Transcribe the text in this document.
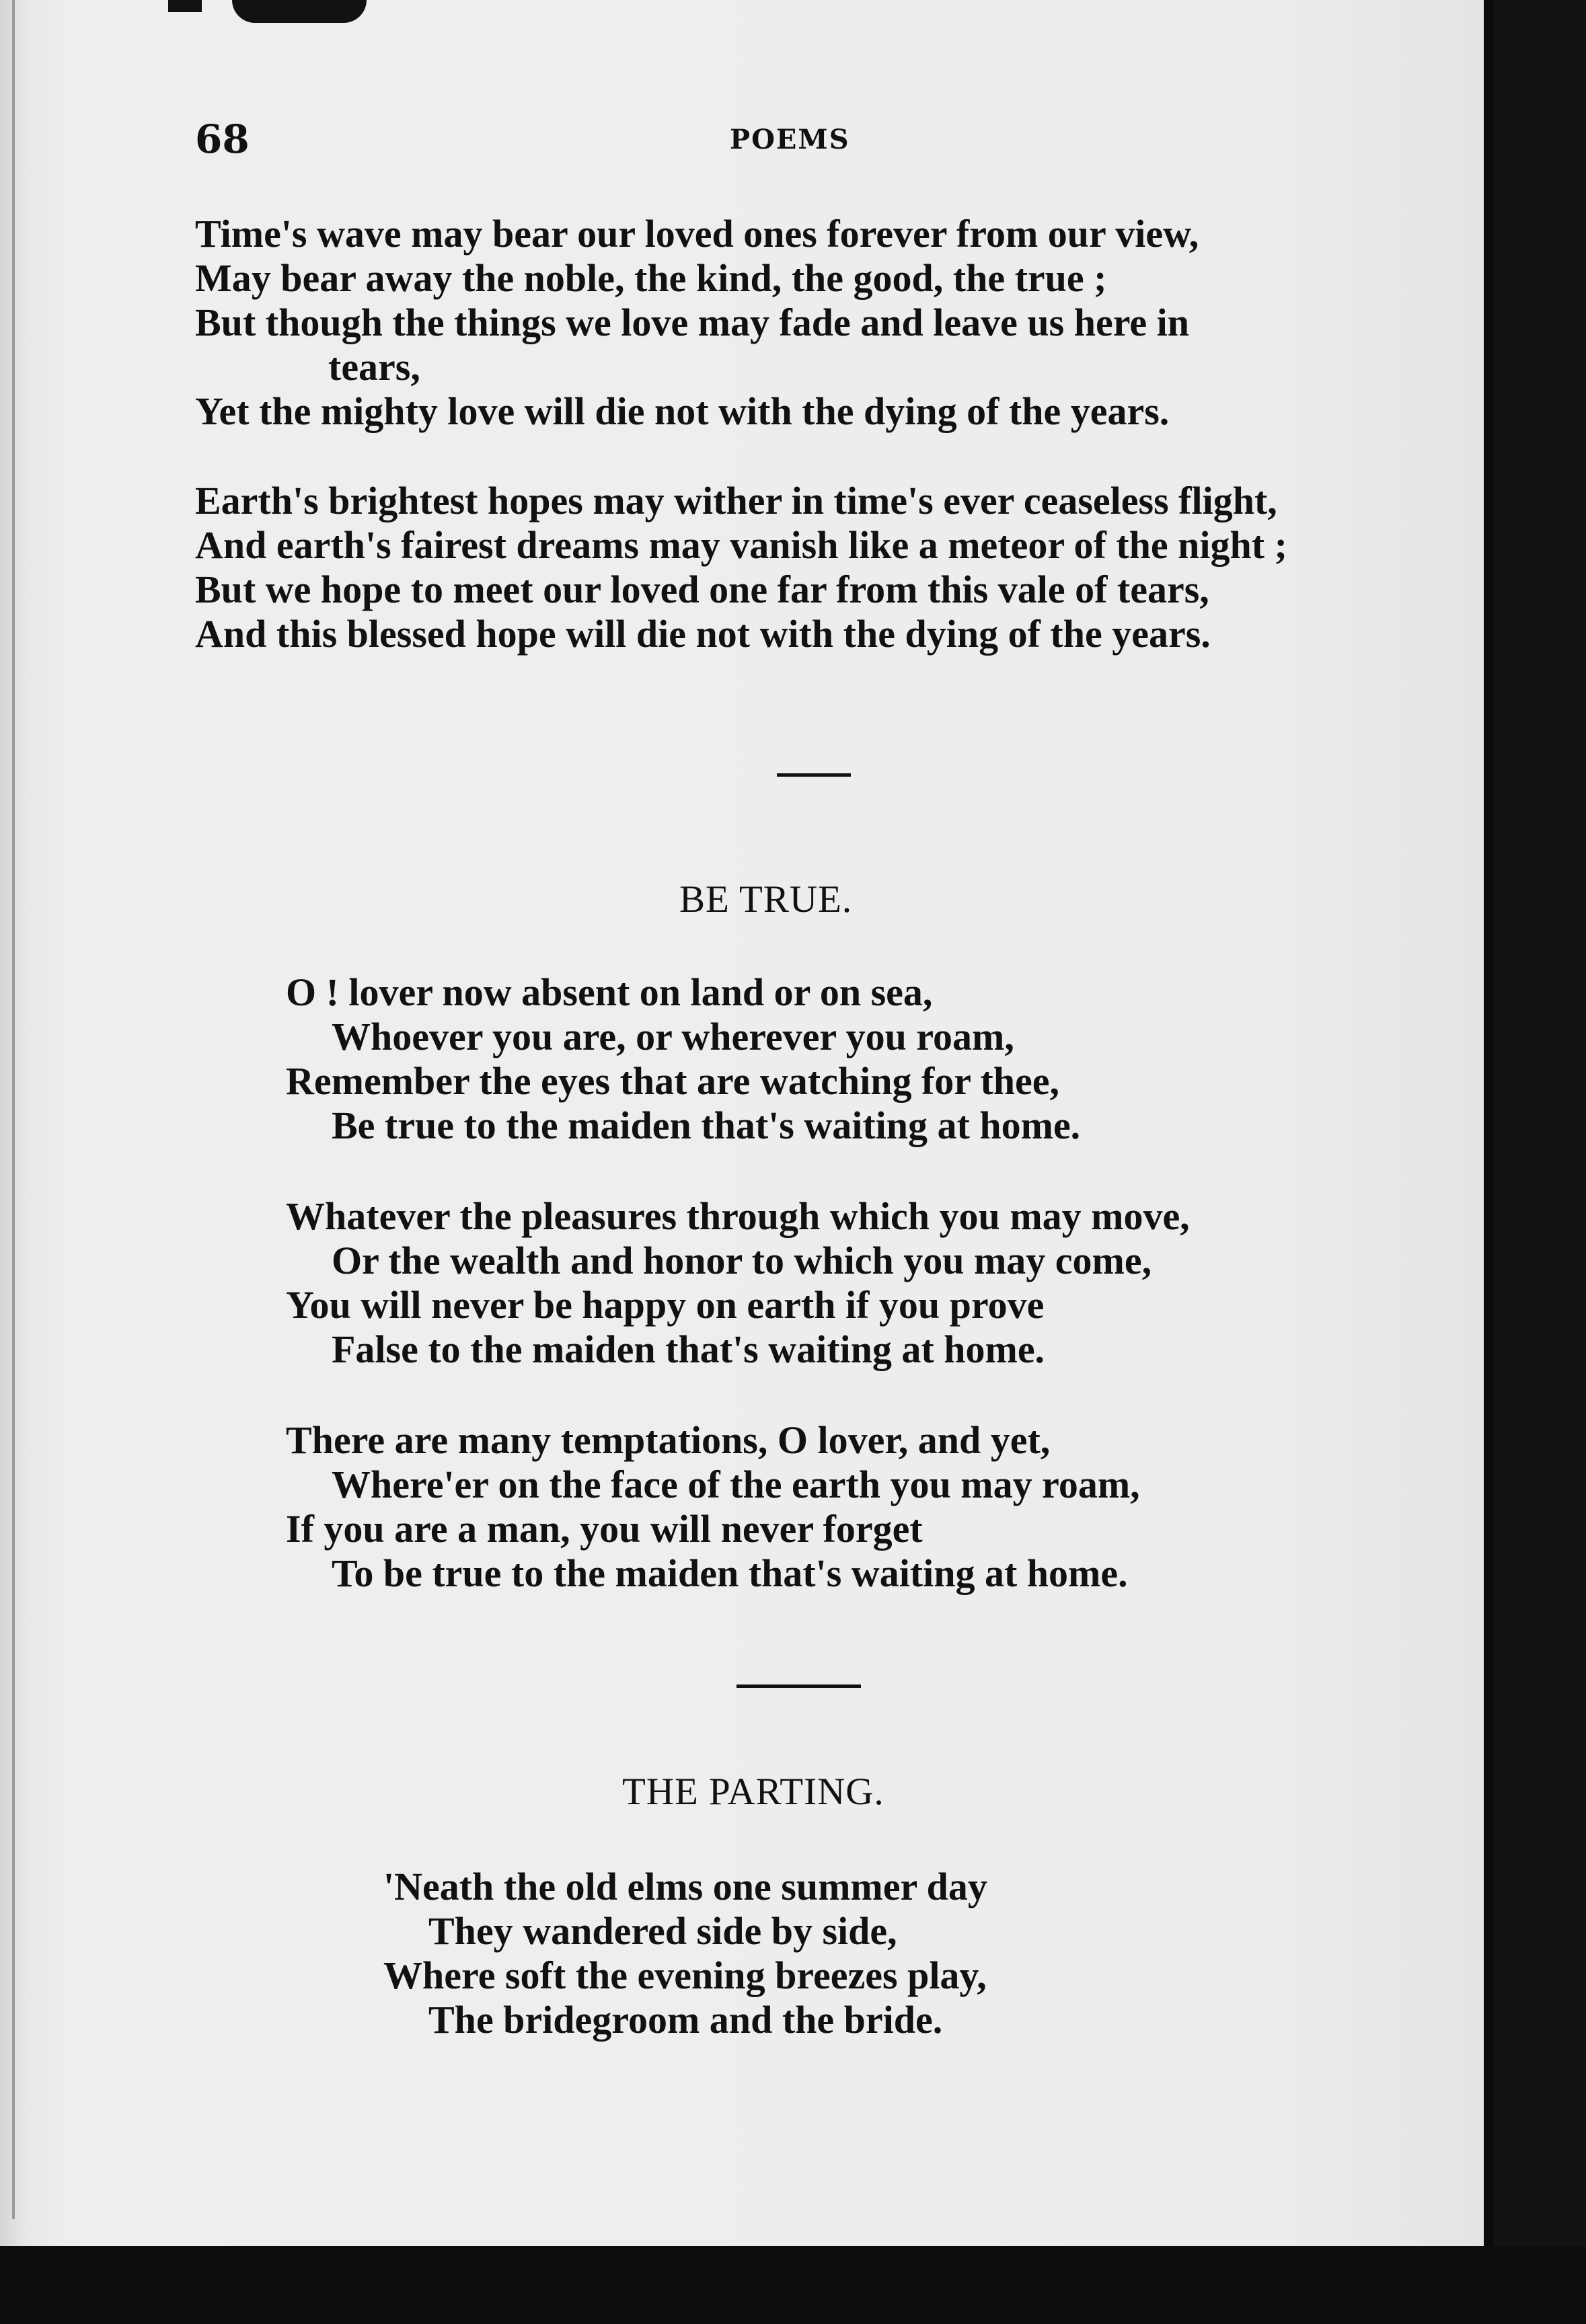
68	POEMS
Time's wave may bear our loved ones forever from our view,
May bear away the noble, the kind, the good, the true ;
But though the things we love may fade and leave us here in
tears,
Yet the mighty love will die not with the dying of the years.
Earth's brightest hopes may wither in time's ever ceaseless flight,
And earth's fairest dreams may vanish like a meteor of the night ;
But we hope to meet our loved one far from this vale of tears,
And this blessed hope will die not with the dying of the years.
BE TRUE.
O ! lover now absent on land or on sea,
Whoever you are, or wherever you roam,
Remember the eyes that are watching for thee,
Be true to the maiden that's waiting at home.
Whatever the pleasures through which you may move,
Or the wealth and honor to which you may come,
You will never be happy on earth if you prove
False to the maiden that's waiting at home.
There are many temptations, O lover, and yet,
Where'er on the face of the earth you may roam,
If you are a man, you will never forget
To be true to the maiden that's waiting at home.
THE PARTING.
'Neath the old elms one summer day
They wandered side by side,
Where soft the evening breezes play,
The bridegroom and the bride.
